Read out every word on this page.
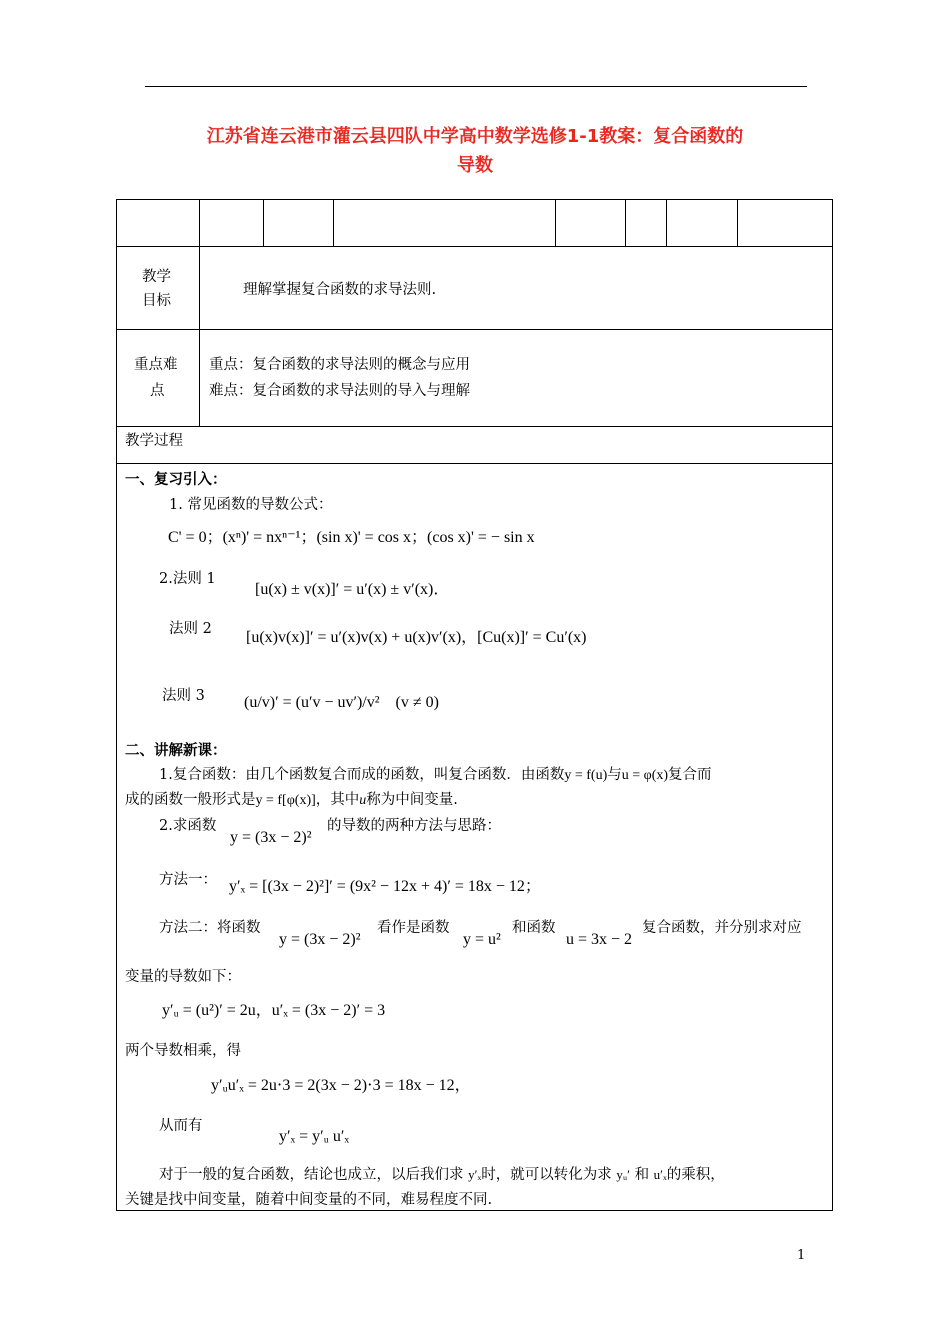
江苏省连云港市灌云县四队中学高中数学选修1-1教案：复合函数的
导数
教学
目标
理解掌握复合函数的求导法则.
重点难
点
重点：复合函数的求导法则的概念与应用
难点：复合函数的求导法则的导入与理解
教学过程
一、复习引入：
1. 常见函数的导数公式：
C' = 0；(xⁿ)' = nxⁿ⁻¹；(sin x)' = cos x；(cos x)' = − sin x
2.法则 1
[u(x) ± v(x)]′ = u′(x) ± v′(x)．
法则 2 [u(x)v(x)]′ = u′(x)v(x) + u(x)v′(x)，[Cu(x)]′ = Cu′(x)
法则 3 (u/v)′ = (u′v − uv′)/v²　(v ≠ 0)
二、讲解新课：
1.复合函数：由几个函数复合而成的函数，叫复合函数．由函数y = f(u)与u = φ(x)复合而
成的函数一般形式是y = f[φ(x)]，其中u称为中间变量.
2.求函数
y = (3x − 2)²
的导数的两种方法与思路：
方法一： y′ₓ = [(3x − 2)²]′ = (9x² − 12x + 4)′ = 18x − 12；
方法二：将函数
y = (3x − 2)²
看作是函数
y = u²
和函数
u = 3x − 2
复合函数，并分别求对应
变量的导数如下：
y′ᵤ = (u²)′ = 2u，u′ₓ = (3x − 2)′ = 3
两个导数相乘，得
y′ᵤu′ₓ = 2u⋅3 = 2(3x − 2)⋅3 = 18x − 12，
从而有
y′ₓ = y′ᵤ u′ₓ
对于一般的复合函数，结论也成立，以后我们求 y′ₓ时，就可以转化为求 yᵤ′ 和 u′ₓ的乘积，
关键是找中间变量，随着中间变量的不同，难易程度不同.
1
